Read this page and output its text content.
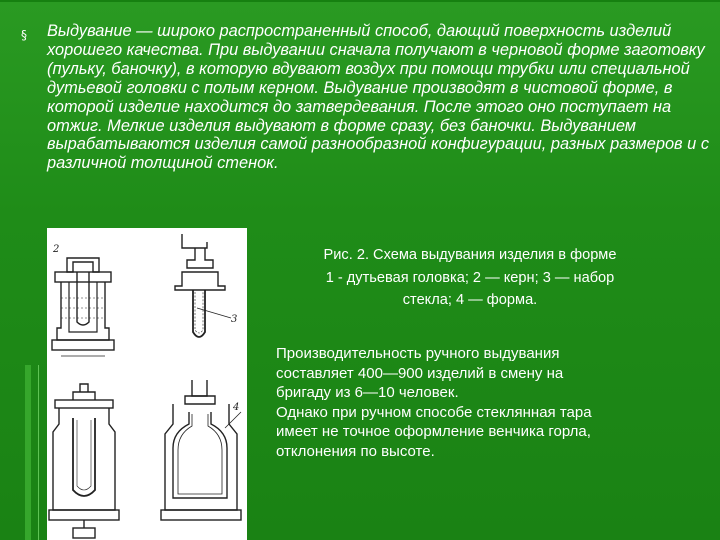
§ Выдувание — широко распространенный способ, дающий поверхность изделий хорошего качества. При выдувании сначала получают в черновой форме заготовку (пульку, баночку), в которую вдувают воздух при помощи трубки или специальной дутьевой головки с полым керном. Выдувание производят в чистовой форме, в которой изделие находится до затвердевания. После этого оно поступает на отжиг. Мелкие изделия выдувают в форме сразу, без баночки. Выдуванием вырабатываются изделия самой разнообразной конфигурации, разных размеров и с различной толщиной стенок.

2
3
4

Рис. 2. Схема выдувания изделия в форме
1 - дутьевая головка; 2 — керн; 3 — набор
стекла; 4 — форма.

Производительность ручного выдувания
составляет 400—900 изделий в смену на
бригаду из 6—10 человек.
Однако при ручном способе стеклянная тара
имеет не точное оформление венчика горла,
отклонения по высоте.
